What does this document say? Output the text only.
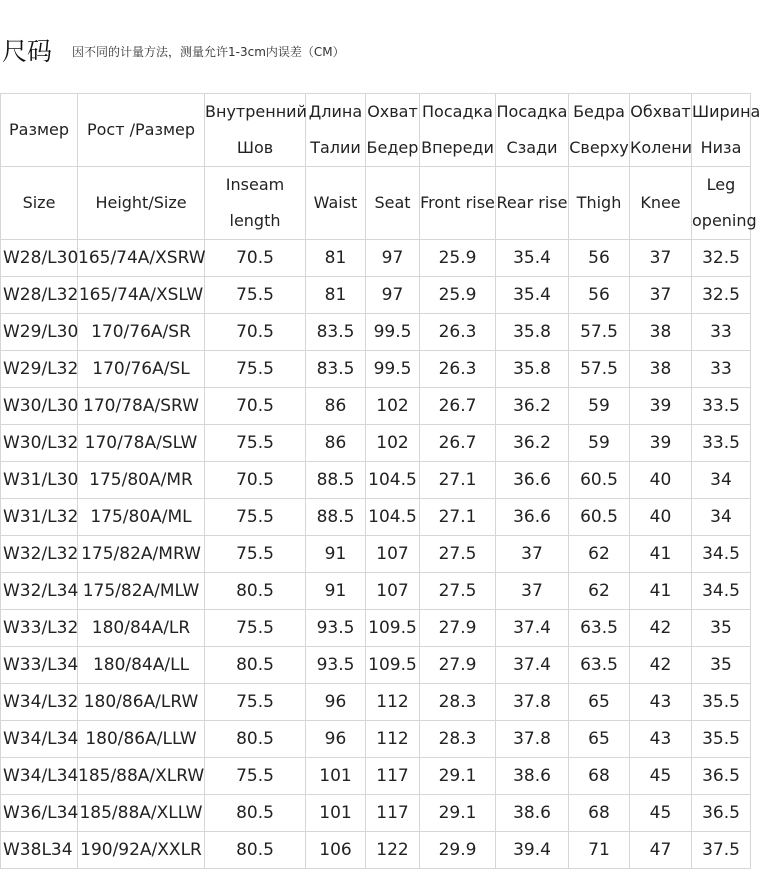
尺码 因不同的计量方法，测量允许1-3cm内误差（CM）
Размер	Рост /Размер	Внутренний Шов	Длина Талии	Охват Бедер	Посадка Впереди	Посадка Сзади	Бедра Сверху	Обхват Колени	Ширина Низа
Size	Height/Size	Inseam length	Waist	Seat	Front rise	Rear rise	Thigh	Knee	Leg opening
W28/L30	165/74A/XSRW	70.5	81	97	25.9	35.4	56	37	32.5
W28/L32	165/74A/XSLW	75.5	81	97	25.9	35.4	56	37	32.5
W29/L30	170/76A/SR	70.5	83.5	99.5	26.3	35.8	57.5	38	33
W29/L32	170/76A/SL	75.5	83.5	99.5	26.3	35.8	57.5	38	33
W30/L30	170/78A/SRW	70.5	86	102	26.7	36.2	59	39	33.5
W30/L32	170/78A/SLW	75.5	86	102	26.7	36.2	59	39	33.5
W31/L30	175/80A/MR	70.5	88.5	104.5	27.1	36.6	60.5	40	34
W31/L32	175/80A/ML	75.5	88.5	104.5	27.1	36.6	60.5	40	34
W32/L32	175/82A/MRW	75.5	91	107	27.5	37	62	41	34.5
W32/L34	175/82A/MLW	80.5	91	107	27.5	37	62	41	34.5
W33/L32	180/84A/LR	75.5	93.5	109.5	27.9	37.4	63.5	42	35
W33/L34	180/84A/LL	80.5	93.5	109.5	27.9	37.4	63.5	42	35
W34/L32	180/86A/LRW	75.5	96	112	28.3	37.8	65	43	35.5
W34/L34	180/86A/LLW	80.5	96	112	28.3	37.8	65	43	35.5
W34/L34	185/88A/XLRW	75.5	101	117	29.1	38.6	68	45	36.5
W36/L34	185/88A/XLLW	80.5	101	117	29.1	38.6	68	45	36.5
W38L34	190/92A/XXLR	80.5	106	122	29.9	39.4	71	47	37.5
